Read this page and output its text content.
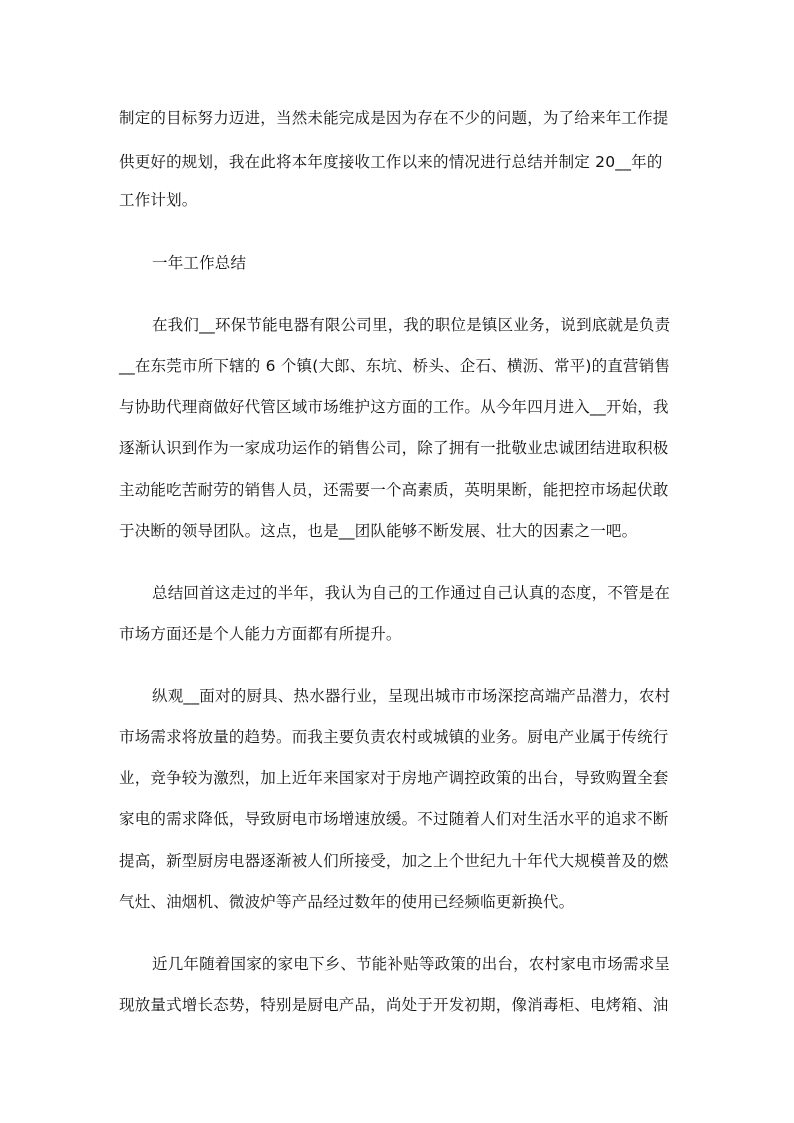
制定的目标努力迈进，当然未能完成是因为存在不少的问题，为了给来年工作提
供更好的规划，我在此将本年度接收工作以来的情况进行总结并制定 20__年的
工作计划。
一年工作总结
在我们__环保节能电器有限公司里，我的职位是镇区业务，说到底就是负责
__在东莞市所下辖的 6 个镇(大郎、东坑、桥头、企石、横沥、常平)的直营销售
与协助代理商做好代管区域市场维护这方面的工作。从今年四月进入__开始，我
逐渐认识到作为一家成功运作的销售公司，除了拥有一批敬业忠诚团结进取积极
主动能吃苦耐劳的销售人员，还需要一个高素质，英明果断，能把控市场起伏敢
于决断的领导团队。这点，也是__团队能够不断发展、壮大的因素之一吧。
总结回首这走过的半年，我认为自己的工作通过自己认真的态度，不管是在
市场方面还是个人能力方面都有所提升。
纵观__面对的厨具、热水器行业，呈现出城市市场深挖高端产品潜力，农村
市场需求将放量的趋势。而我主要负责农村或城镇的业务。厨电产业属于传统行
业，竞争较为激烈，加上近年来国家对于房地产调控政策的出台，导致购置全套
家电的需求降低，导致厨电市场增速放缓。不过随着人们对生活水平的追求不断
提高，新型厨房电器逐渐被人们所接受，加之上个世纪九十年代大规模普及的燃
气灶、油烟机、微波炉等产品经过数年的使用已经频临更新换代。
近几年随着国家的家电下乡、节能补贴等政策的出台，农村家电市场需求呈
现放量式增长态势，特别是厨电产品，尚处于开发初期，像消毒柜、电烤箱、油
